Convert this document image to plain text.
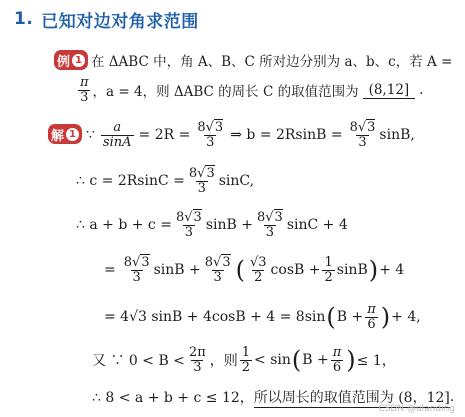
1. 已知对边对角求范围
例 1 在 ΔABC 中，角 A、B、C 所对边分别为 a、b、c，若 A =
$\frac{\pi}{3}$ ，a = 4，则 ΔABC 的周长 C 的取值范围为 (8,12] .
解 1 ∵ $\frac{a}{\sin A} = 2R = \frac{8√3}{3}$ ⇒ $b = 2RsinB = \frac{8√3}{3} \sin B$,
∴ $c = 2RsinC = \frac{8√3}{3} \sin C$,
∴ $a + b + c = \frac{8√3}{3}$ $\sin B + \frac{8√3}{3}$ sinC + 4
= $\frac{8√3}{3}$ $\sin B + \frac{8√3}{3}$ ( $\frac{√3}{2}$ $\cos B + \frac{1}{2}$ sinB ) + 4
= 4√3 sinB + 4cosB + 4 = 8sin ( $B + \frac{\pi}{6}$ ) + 4,
又 ∵ $0 < B < \frac{2\pi}{3}$ ，则 $\frac{1}{2} < \sin$ ( $B + \frac{\pi}{6}$ ) ≤ 1，
∴ 8 < a + b + c ≤ 12， 所以周长的取值范围为 (8，12] .
CSDN @ulanding
